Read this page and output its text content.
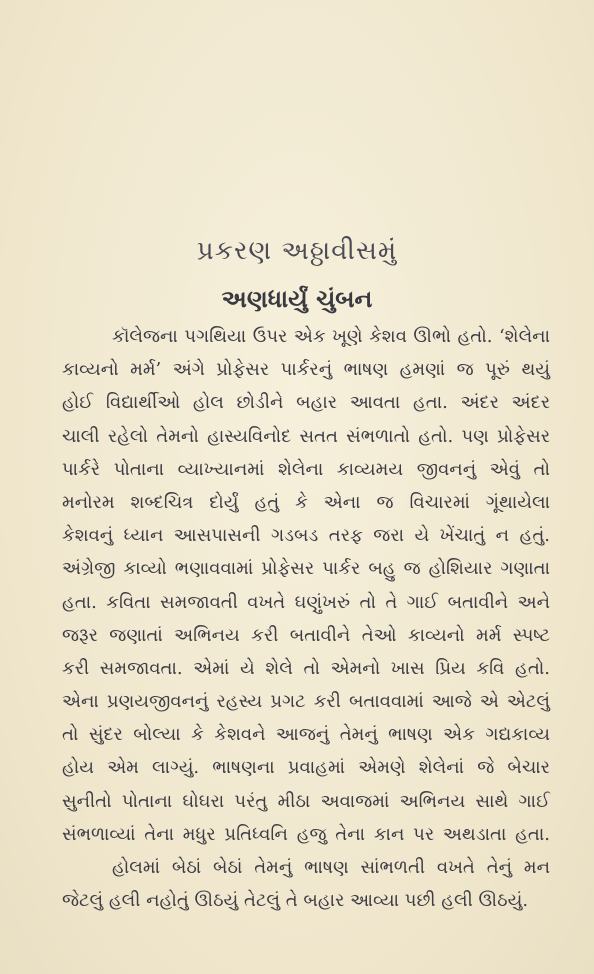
પ્રકરણ અઠ્ઠાવીસમું
અણધાર્યું ચુંબન
કૉલેજના પગથિયા ઉપર એક ખૂણે કેશવ ઊભો હતો. ‘શેલેના
કાવ્યનો મર્મ’ અંગે પ્રોફેસર પાર્કરનું ભાષણ હમણાં જ પૂરું થયું
હોઈ વિદ્યાર્થીઓ હોલ છોડીને બહાર આવતા હતા. અંદર અંદર
ચાલી રહેલો તેમનો હાસ્યવિનોદ સતત સંભળાતો હતો. પણ પ્રોફેસર
પાર્કરે પોતાના વ્યાખ્યાનમાં શેલેના કાવ્યમય જીવનનું એવું તો
મનોરમ શબ્દચિત્ર દોર્યું હતું કે એના જ વિચારમાં ગૂંથાયેલા
કેશવનું ધ્યાન આસપાસની ગડબડ તરફ જરા યે ખેંચાતું ન હતું.
અંગ્રેજી કાવ્યો ભણાવવામાં પ્રોફેસર પાર્કર બહુ જ હોશિયાર ગણાતા
હતા. કવિતા સમજાવતી વખતે ઘણુંખરું તો તે ગાઈ બતાવીને અને
જરૂર જણાતાં અભિનય કરી બતાવીને તેઓ કાવ્યનો મર્મ સ્પષ્ટ
કરી સમજાવતા. એમાં યે શેલે તો એમનો ખાસ પ્રિય કવિ હતો.
એના પ્રણયજીવનનું રહસ્ય પ્રગટ કરી બતાવવામાં આજે એ એટલું
તો સુંદર બોલ્યા કે કેશવને આજનું તેમનું ભાષણ એક ગદ્યકાવ્ય
હોય એમ લાગ્યું. ભાષણના પ્રવાહમાં એમણે શેલેનાં જે બેચાર
સુનીતો પોતાના ઘોઘરા પરંતુ મીઠા અવાજમાં અભિનય સાથે ગાઈ
સંભળાવ્યાં તેના મધુર પ્રતિધ્વનિ હજુ તેના કાન પર અથડાતા હતા.
હોલમાં બેઠાં બેઠાં તેમનું ભાષણ સાંભળતી વખતે તેનું મન
જેટલું હલી નહોતું ઊઠયું તેટલું તે બહાર આવ્યા પછી હલી ઊઠયું.
